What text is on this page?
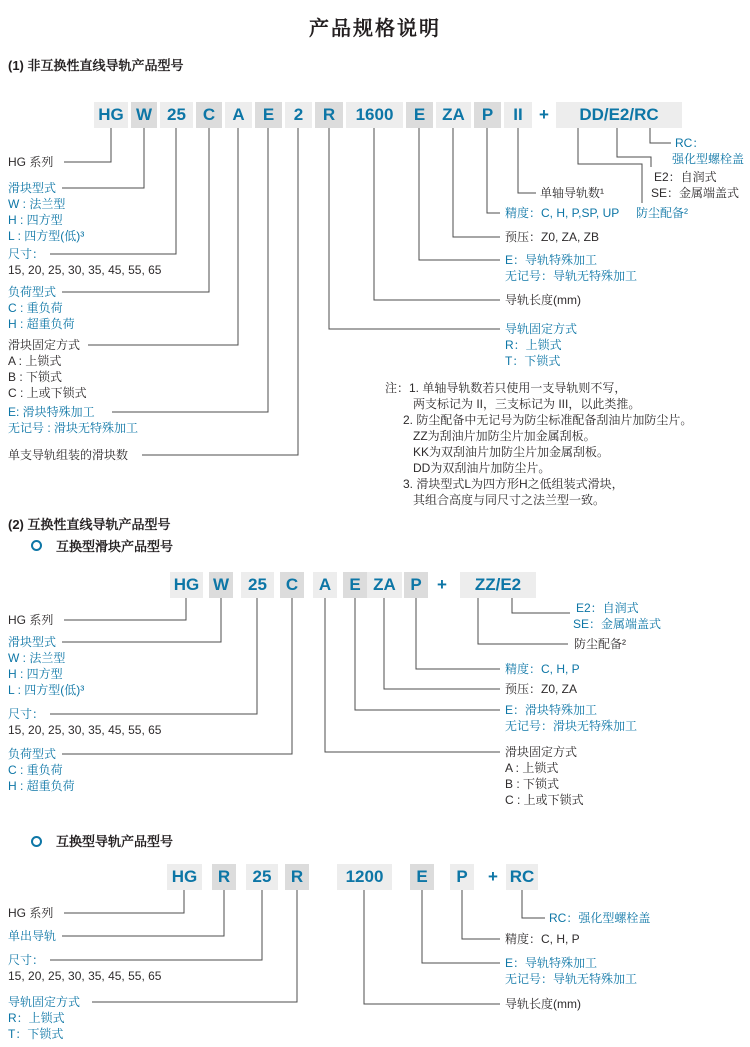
产品规格说明
(1) 非互换性直线导轨产品型号
HG W 25 C	A	E	2	R	1600	E ZA	P	II +	DD/E2/RC
HG 系列
滑块型式
W : 法兰型
H : 四方型
L : 四方型(低)³
尺寸：
15, 20, 25, 30, 35, 45, 55, 65
负荷型式
C : 重负荷
H : 超重负荷
滑块固定方式
A : 上锁式
B : 下锁式
C : 上或下锁式
E: 滑块特殊加工
无记号 : 滑块无特殊加工
单支导轨组装的滑块数
RC：
强化型螺栓盖
E2：自润式
SE：金属端盖式
单轴导轨数¹
精度：C, H, P,SP, UP 防尘配备²
预压：Z0, ZA, ZB
E：导轨特殊加工
无记号：导轨无特殊加工
导轨长度(mm)
导轨固定方式
R：上锁式
T：下锁式
注：1. 单轴导轨数若只使用一支导轨则不写，
两支标记为 II，三支标记为 III，以此类推。
2. 防尘配备中无记号为防尘标准配备刮油片加防尘片。
ZZ为刮油片加防尘片加金属刮板。
KK为双刮油片加防尘片加金属刮板。
DD为双刮油片加防尘片。
3. 滑块型式L为四方形H之低组装式滑块，
其组合高度与同尺寸之法兰型一致。
(2) 互换性直线导轨产品型号
互换型滑块产品型号
HG W	25	C	A	E ZA P +	ZZ/E2
HG 系列
滑块型式
W : 法兰型
H : 四方型
L : 四方型(低)³
尺寸：
15, 20, 25, 30, 35, 45, 55, 65
负荷型式
C : 重负荷
H : 超重负荷
E2：自润式
SE：金属端盖式
防尘配备²
精度：C, H, P
预压：Z0, ZA
E：滑块特殊加工
无记号：滑块无特殊加工
滑块固定方式
A : 上锁式
B : 下锁式
C : 上或下锁式
互换型导轨产品型号
HG	R	25	R	1200	E	P	+ RC
HG 系列
单出导轨
尺寸：
15, 20, 25, 30, 35, 45, 55, 65
导轨固定方式
R：上锁式
T：下锁式
RC：强化型螺栓盖
精度：C, H, P
E：导轨特殊加工
无记号：导轨无特殊加工
导轨长度(mm)
